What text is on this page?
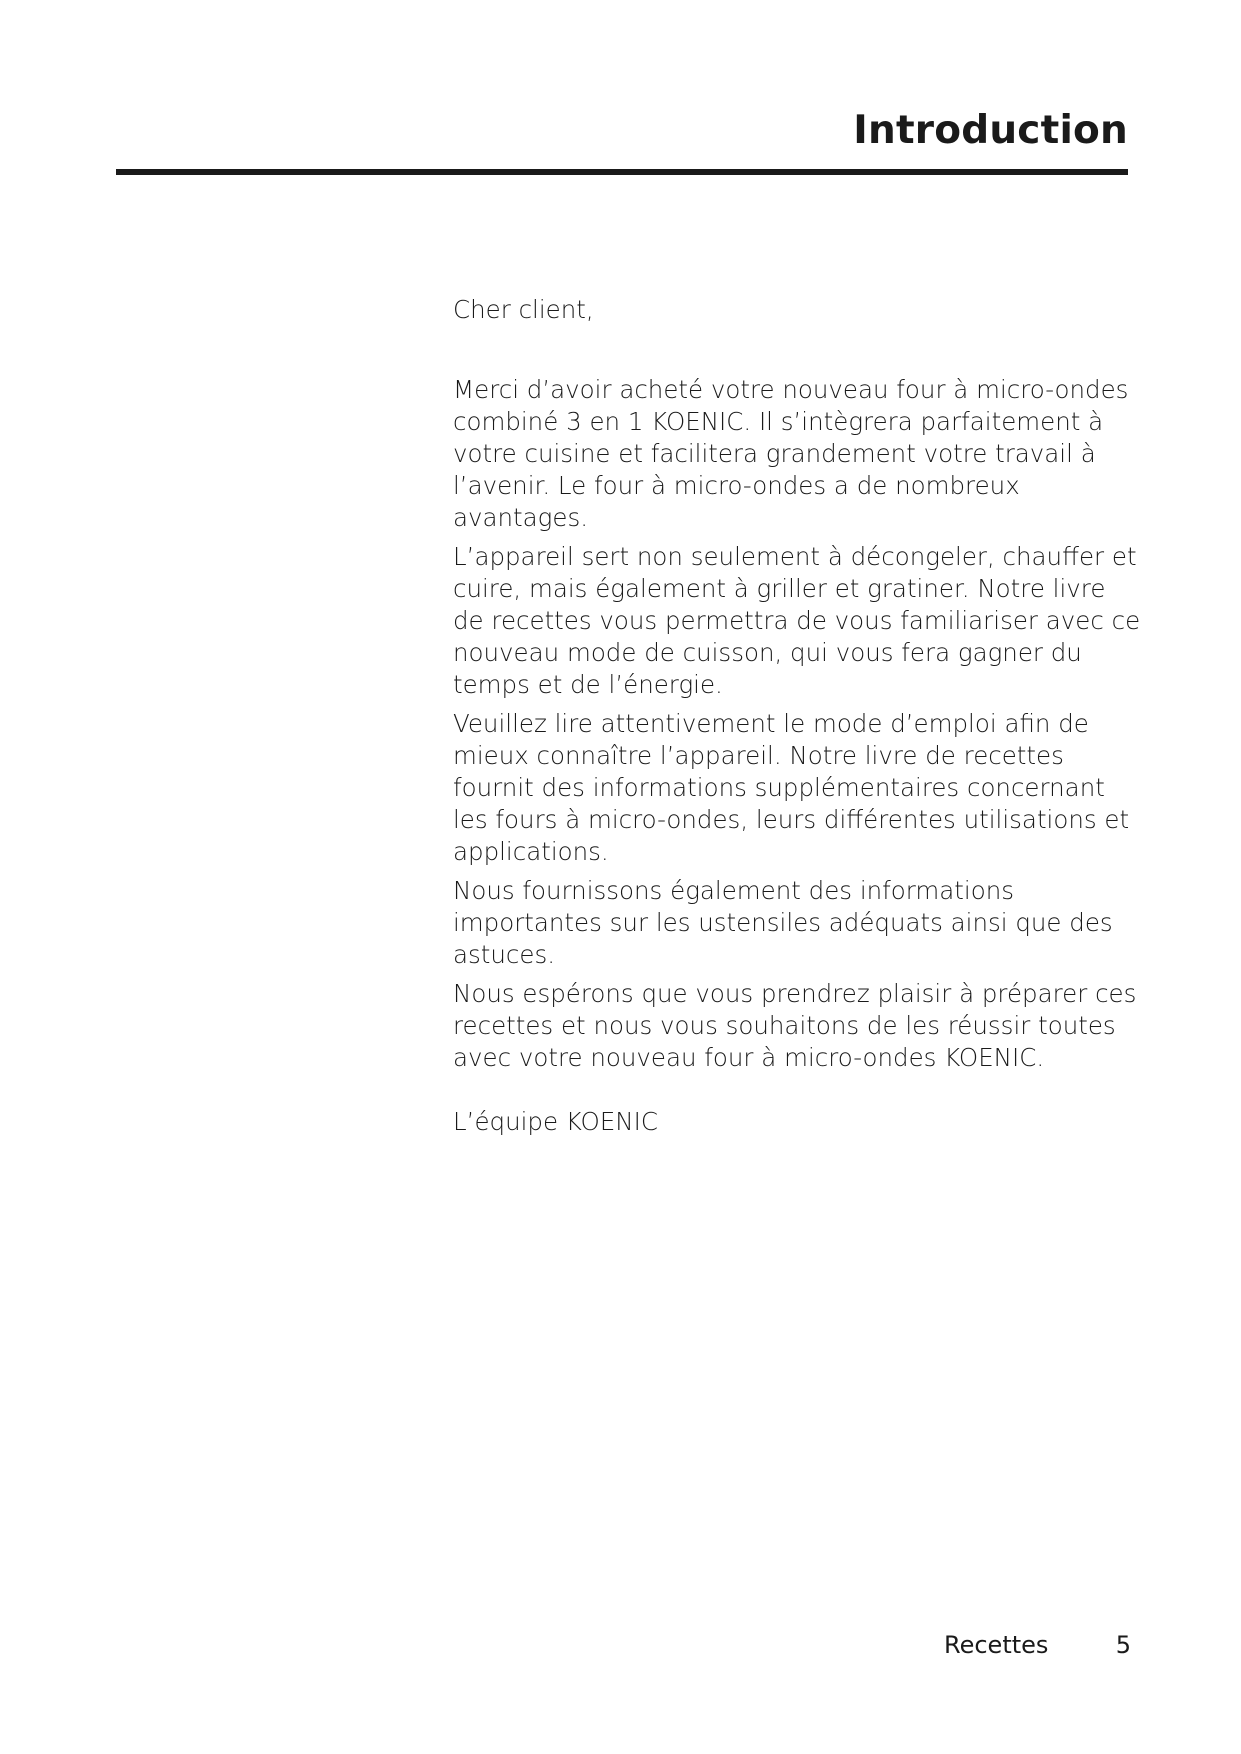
Introduction

Cher client,

Merci d’avoir acheté votre nouveau four à micro-ondes combiné 3 en 1 KOENIC. Il s’intègrera parfaitement à votre cuisine et facilitera grandement votre travail à l’avenir. Le four à micro-ondes a de nombreux avantages.

L’appareil sert non seulement à décongeler, chauffer et cuire, mais également à griller et gratiner. Notre livre de recettes vous permettra de vous familiariser avec ce nouveau mode de cuisson, qui vous fera gagner du temps et de l’énergie.

Veuillez lire attentivement le mode d’emploi afin de mieux connaître l’appareil. Notre livre de recettes fournit des informations supplémentaires concernant les fours à micro-ondes, leurs différentes utilisations et applications.

Nous fournissons également des informations importantes sur les ustensiles adéquats ainsi que des astuces.

Nous espérons que vous prendrez plaisir à préparer ces recettes et nous vous souhaitons de les réussir toutes avec votre nouveau four à micro-ondes KOENIC.

L’équipe KOENIC

Recettes	5
